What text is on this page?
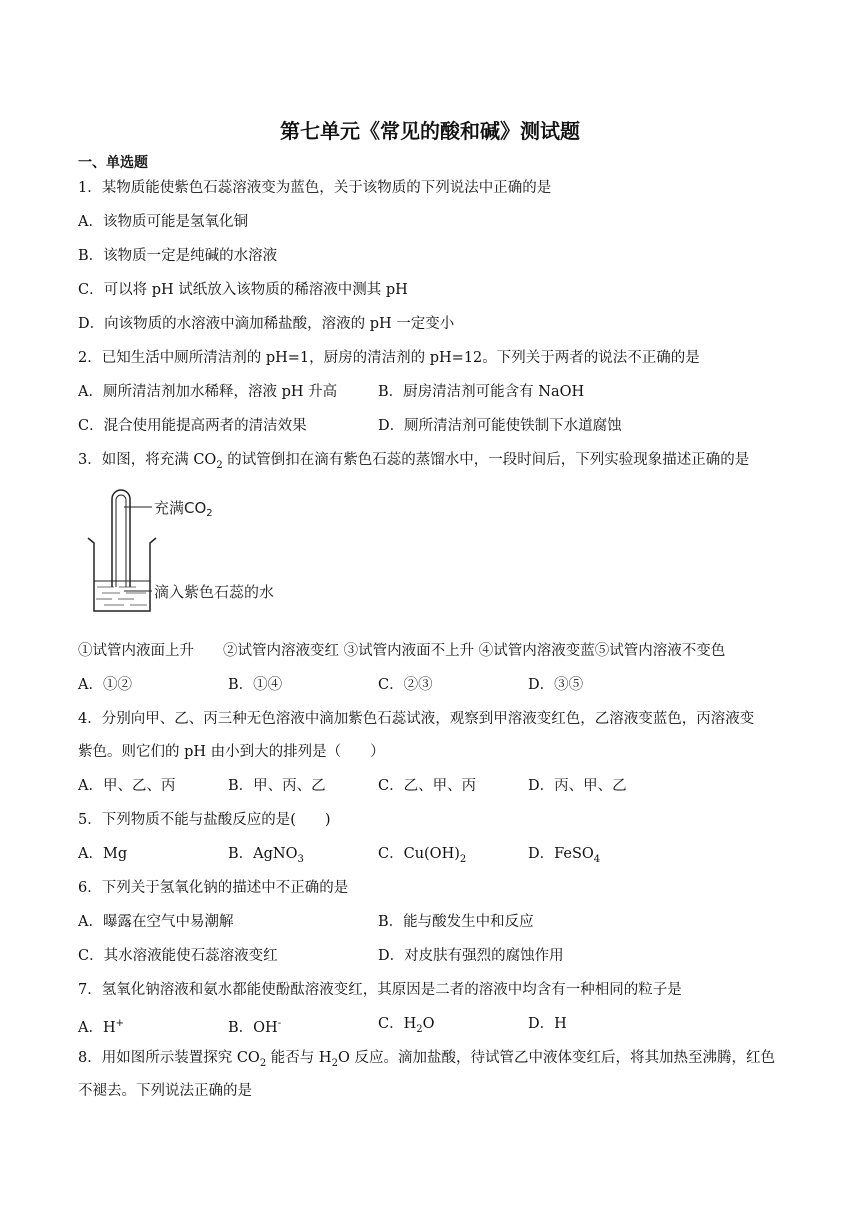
第七单元《常见的酸和碱》测试题
一、单选题
1．某物质能使紫色石蕊溶液变为蓝色，关于该物质的下列说法中正确的是
A．该物质可能是氢氧化铜
B．该物质一定是纯碱的水溶液
C．可以将 pH 试纸放入该物质的稀溶液中测其 pH
D．向该物质的水溶液中滴加稀盐酸，溶液的 pH 一定变小
2．已知生活中厕所清洁剂的 pH=1，厨房的清洁剂的 pH=12。下列关于两者的说法不正确的是
A．厕所清洁剂加水稀释，溶液 pH 升高	B．厨房清洁剂可能含有 NaOH
C．混合使用能提高两者的清洁效果	D．厕所清洁剂可能使铁制下水道腐蚀
3．如图，将充满 $CO_2$ 的试管倒扣在滴有紫色石蕊的蒸馏水中，一段时间后，下列实验现象描述正确的是
充满$CO_2$
滴入紫色石蕊的水
①试管内液面上升　　②试管内溶液变红 ③试管内液面不上升 ④试管内溶液变蓝⑤试管内溶液不变色
A．①②	B．①④	C．②③	D．③⑤
4．分别向甲、乙、丙三种无色溶液中滴加紫色石蕊试液，观察到甲溶液变红色，乙溶液变蓝色，丙溶液变
紫色。则它们的 pH 由小到大的排列是（　　）
A．甲、乙、丙	B．甲、丙、乙	C．乙、甲、丙	D．丙、甲、乙
5．下列物质不能与盐酸反应的是(　　)
A．Mg	B．AgNO$_3$	C．$Cu(OH)_2$	D．FeSO$_4$
6．下列关于氢氧化钠的描述中不正确的是
A．曝露在空气中易潮解	B．能与酸发生中和反应
C．其水溶液能使石蕊溶液变红	D．对皮肤有强烈的腐蚀作用
7．氢氧化钠溶液和氨水都能使酚酞溶液变红，其原因是二者的溶液中均含有一种相同的粒子是
A．H+	B．OH-	C．$H_2O$	D．H
8．用如图所示装置探究 $CO_2$ 能否与 $H_2O$ 反应。滴加盐酸，待试管乙中液体变红后，将其加热至沸腾，红色
不褪去。下列说法正确的是
